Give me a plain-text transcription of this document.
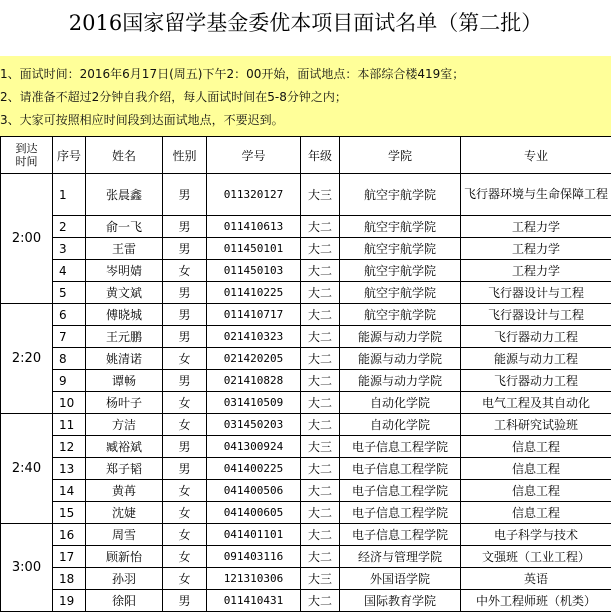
2016国家留学基金委优本项目面试名单（第二批）
1、面试时间：2016年6月17日(周五)下午2：00开始，面试地点：本部综合楼419室；
2、请准备不超过2分钟自我介绍，每人面试时间在5-8分钟之内；
3、大家可按照相应时间段到达面试地点，不要迟到。
到达
时间	序号	姓名	性别	学号	年级	学院	专业
2:00	1	张晨鑫	男	011320127	大三	航空宇航学院	飞行器环境与生命保障工程
	2	俞一飞	男	011410613	大二	航空宇航学院	工程力学
	3	王雷	男	011450101	大二	航空宇航学院	工程力学
	4	岑明婧	女	011450103	大二	航空宇航学院	工程力学
	5	黄文斌	男	011410225	大二	航空宇航学院	飞行器设计与工程
2:20	6	傅晓城	男	011410717	大二	航空宇航学院	飞行器设计与工程
	7	王元鹏	男	021410323	大二	能源与动力学院	飞行器动力工程
	8	姚清诺	女	021420205	大二	能源与动力学院	能源与动力工程
	9	谭畅	男	021410828	大二	能源与动力学院	飞行器动力工程
	10	杨叶子	女	031410509	大二	自动化学院	电气工程及其自动化
2:40	11	方洁	女	031450203	大二	自动化学院	工科研究试验班
	12	臧裕斌	男	041300924	大三	电子信息工程学院	信息工程
	13	郑子韬	男	041400225	大二	电子信息工程学院	信息工程
	14	黄苒	女	041400506	大二	电子信息工程学院	信息工程
	15	沈婕	女	041400605	大二	电子信息工程学院	信息工程
3:00	16	周雪	女	041401101	大二	电子信息工程学院	电子科学与技术
	17	顾新怡	女	091403116	大二	经济与管理学院	文强班（工业工程）
	18	孙羽	女	121310306	大三	外国语学院	英语
	19	徐阳	男	011410431	大二	国际教育学院	中外工程师班（机类）
